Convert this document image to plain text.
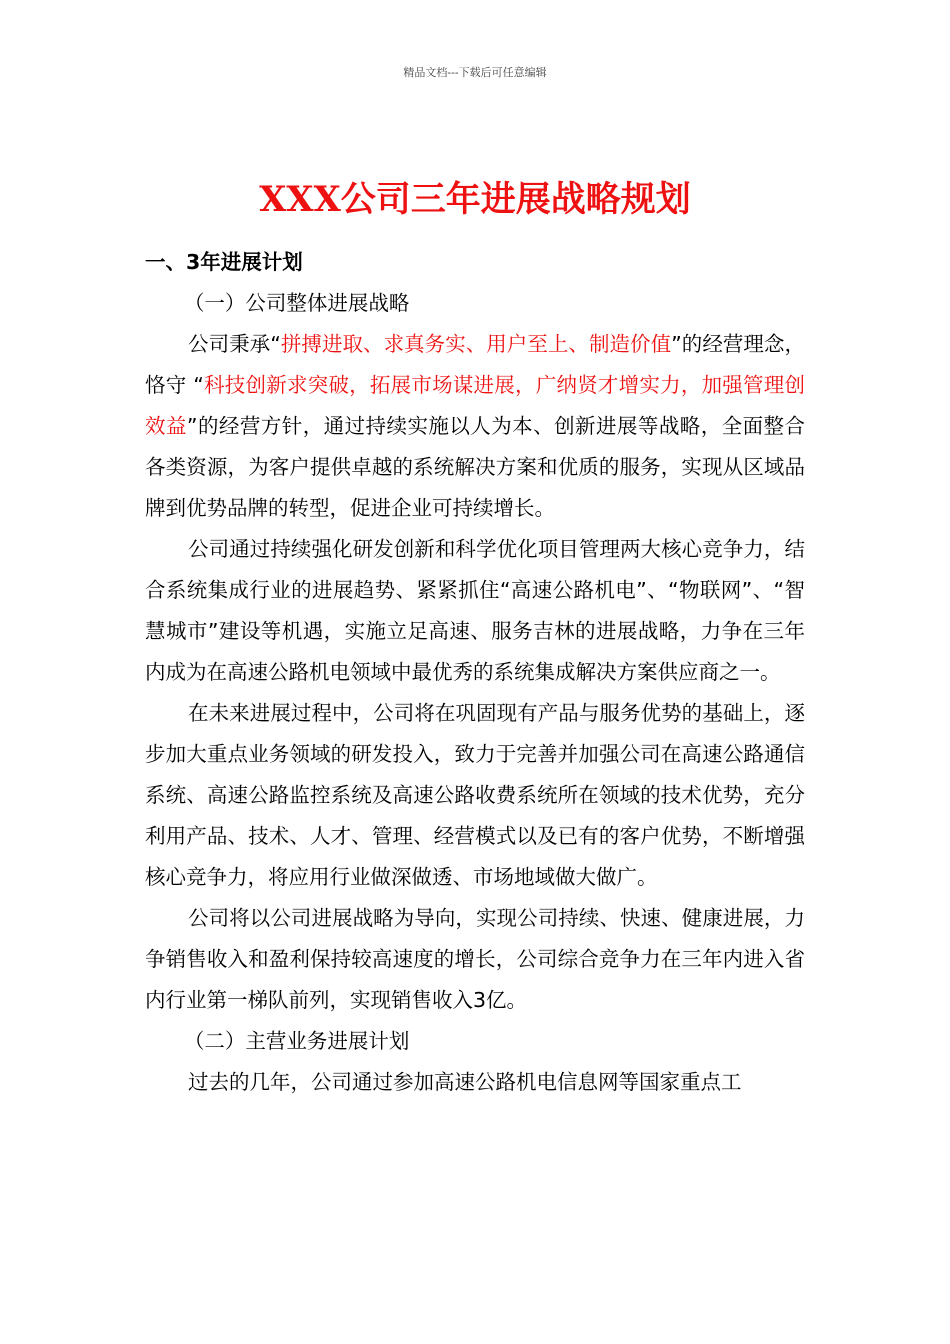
精品文档---下载后可任意编辑
XXX公司三年进展战略规划

一、3年进展计划

（一）公司整体进展战略

公司秉承“拼搏进取、求真务实、用户至上、制造价值”的经营理念，恪守 “科技创新求突破，拓展市场谋进展，广纳贤才增实力，加强管理创效益”的经营方针，通过持续实施以人为本、创新进展等战略，全面整合各类资源，为客户提供卓越的系统解决方案和优质的服务，实现从区域品牌到优势品牌的转型，促进企业可持续增长。

公司通过持续强化研发创新和科学优化项目管理两大核心竞争力，结合系统集成行业的进展趋势、紧紧抓住“高速公路机电”、“物联网”、“智慧城市”建设等机遇，实施立足高速、服务吉林的进展战略，力争在三年内成为在高速公路机电领域中最优秀的系统集成解决方案供应商之一。

在未来进展过程中，公司将在巩固现有产品与服务优势的基础上，逐步加大重点业务领域的研发投入，致力于完善并加强公司在高速公路通信系统、高速公路监控系统及高速公路收费系统所在领域的技术优势，充分利用产品、技术、人才、管理、经营模式以及已有的客户优势，不断增强核心竞争力，将应用行业做深做透、市场地域做大做广。

公司将以公司进展战略为导向，实现公司持续、快速、健康进展，力争销售收入和盈利保持较高速度的增长，公司综合竞争力在三年内进入省内行业第一梯队前列，实现销售收入3亿。

（二）主营业务进展计划

过去的几年，公司通过参加高速公路机电信息网等国家重点工
